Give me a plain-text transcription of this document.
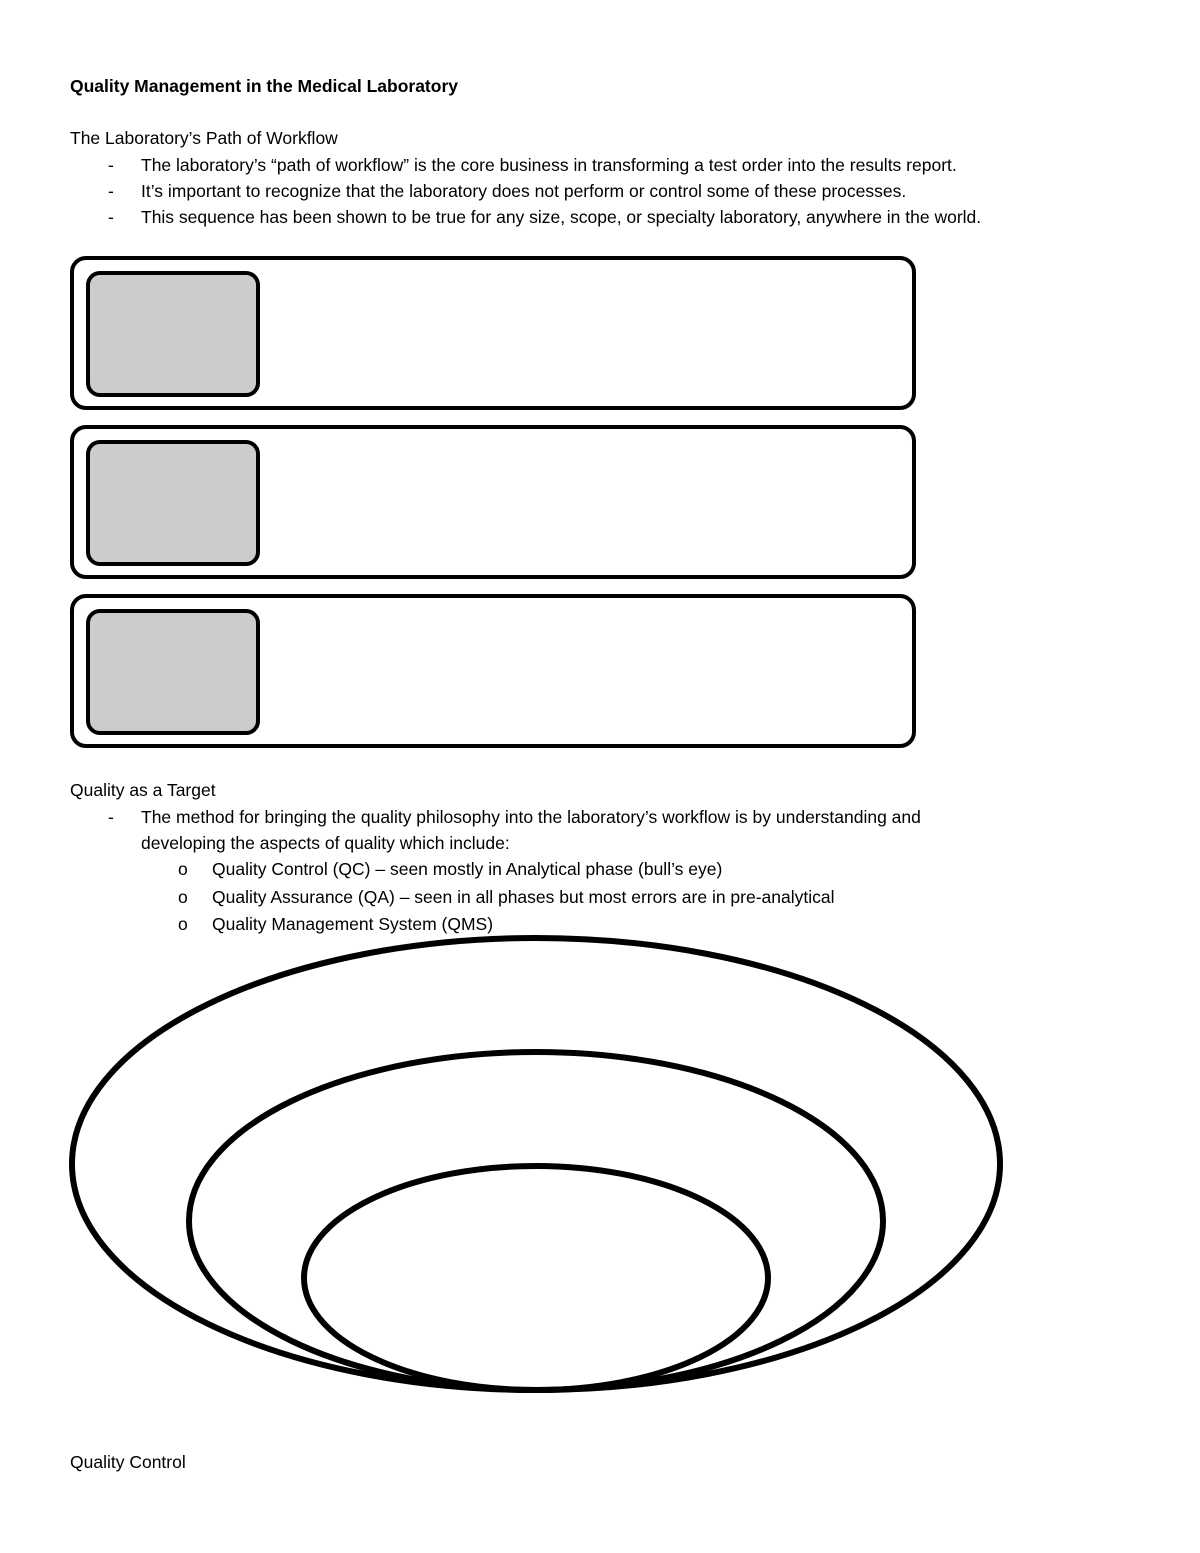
Quality Management in the Medical Laboratory
The Laboratory’s Path of Workflow
- The laboratory’s “path of workflow” is the core business in transforming a test order into the results report.
- It’s important to recognize that the laboratory does not perform or control some of these processes.
- This sequence has been shown to be true for any size, scope, or specialty laboratory, anywhere in the world.
Quality as a Target
- The method for bringing the quality philosophy into the laboratory’s workflow is by understanding and
developing the aspects of quality which include:
o Quality Control (QC) – seen mostly in Analytical phase (bull’s eye)
o Quality Assurance (QA) – seen in all phases but most errors are in pre-analytical
o Quality Management System (QMS)
Quality Control
